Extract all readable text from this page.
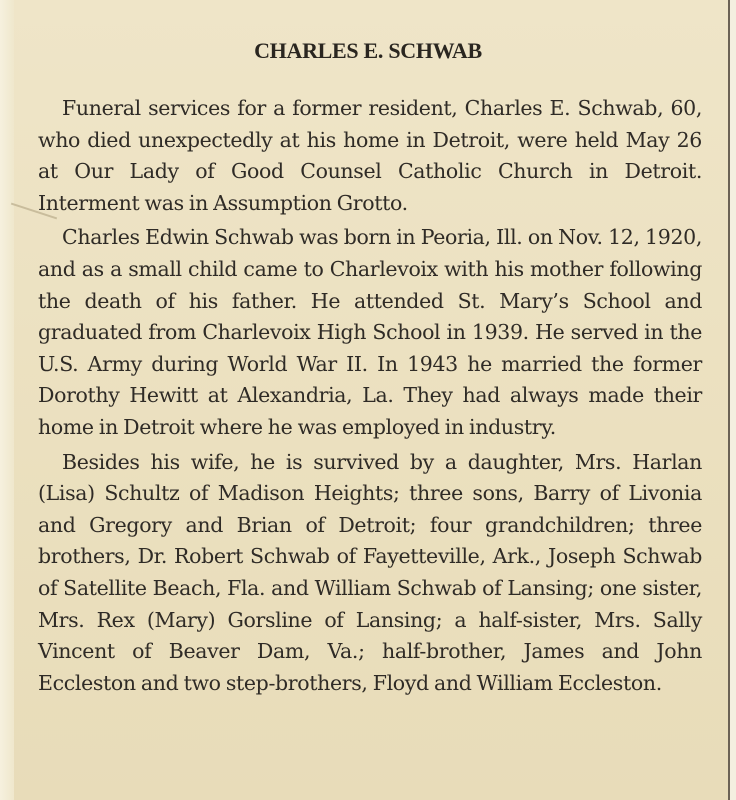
CHARLES E. SCHWAB

Funeral services for a former resident, Charles E. Schwab, 60, who died unexpectedly at his home in Detroit, were held May 26 at Our Lady of Good Counsel Catholic Church in Detroit. Interment was in Assumption Grotto.

Charles Edwin Schwab was born in Peoria, Ill. on Nov. 12, 1920, and as a small child came to Charlevoix with his mother following the death of his father. He attended St. Mary’s School and graduated from Charlevoix High School in 1939. He served in the U.S. Army during World War II. In 1943 he married the former Dorothy Hewitt at Alexandria, La. They had always made their home in Detroit where he was employed in industry.

Besides his wife, he is survived by a daughter, Mrs. Harlan (Lisa) Schultz of Madison Heights; three sons, Barry of Livonia and Gregory and Brian of Detroit; four grandchildren; three brothers, Dr. Robert Schwab of Fayetteville, Ark., Joseph Schwab of Satellite Beach, Fla. and William Schwab of Lansing; one sister, Mrs. Rex (Mary) Gorsline of Lansing; a half-sister, Mrs. Sally Vincent of Beaver Dam, Va.; half-brother, James and John Eccleston and two step-brothers, Floyd and William Eccleston.
